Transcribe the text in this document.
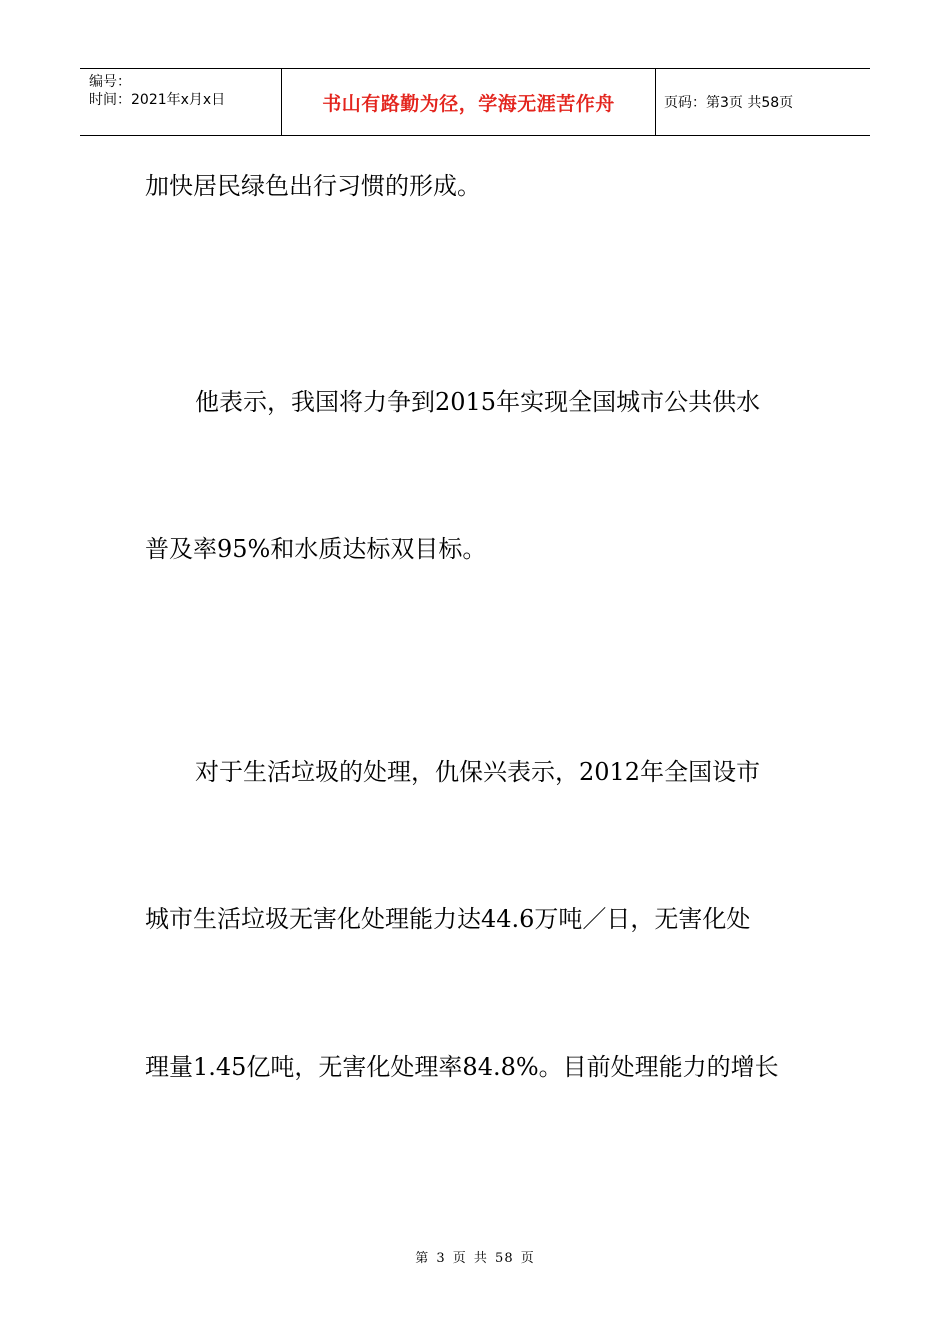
编号：
时间：2021年x月x日	书山有路勤为径，学海无涯苦作舟	页码：第3页 共58页
加快居民绿色出行习惯的形成。
他表示，我国将力争到2015年实现全国城市公共供水
普及率95%和水质达标双目标。
对于生活垃圾的处理，仇保兴表示，2012年全国设市
城市生活垃圾无害化处理能力达44.6万吨／日，无害化处
理量1.45亿吨，无害化处理率84.8%。目前处理能力的增长
第 3 页 共 58 页
